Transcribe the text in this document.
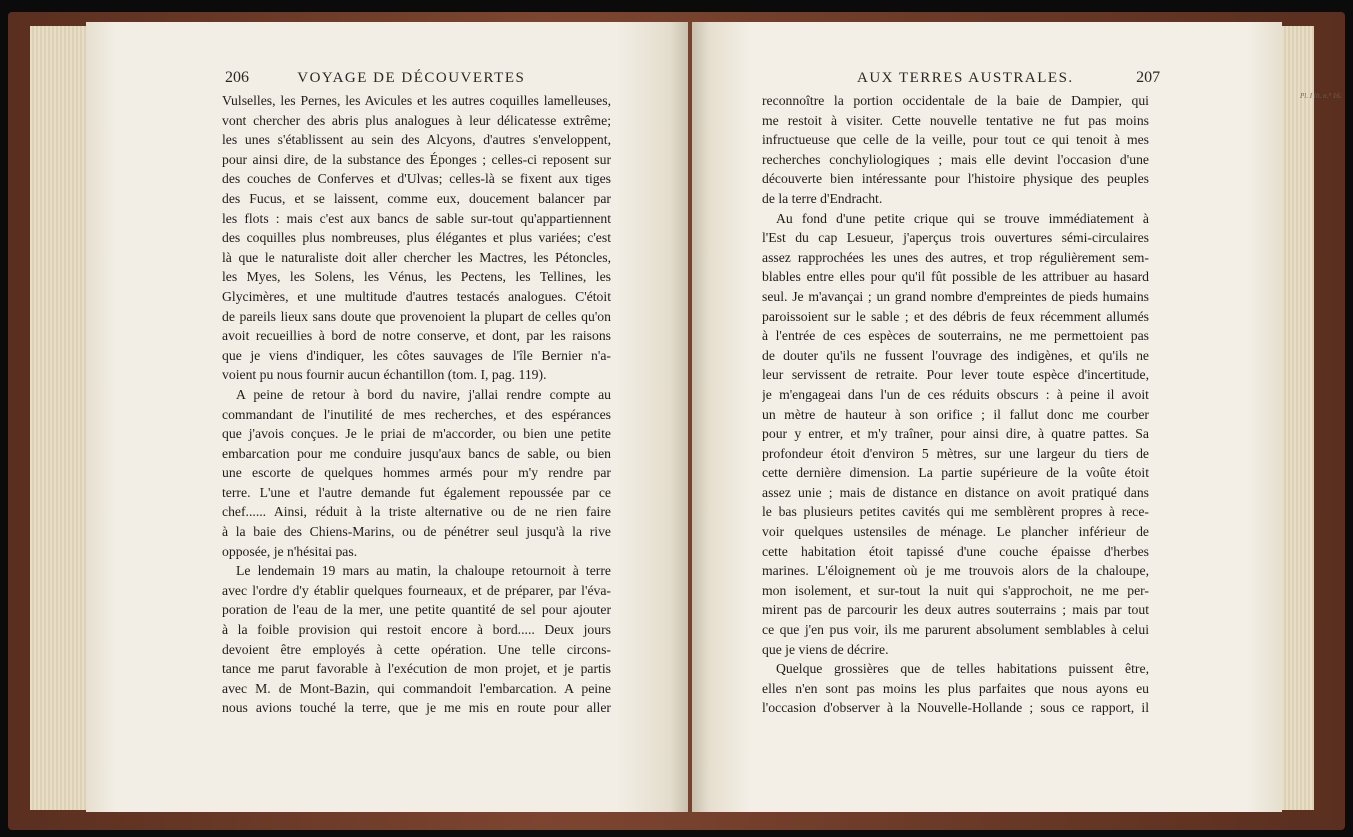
206	VOYAGE DE DÉCOUVERTES	AUX TERRES AUSTRALES.	207
Pl. I lit. n.° 16.
Vulselles, les Pernes, les Avicules et les autres coquilles lamelleuses,
vont chercher des abris plus analogues à leur délicatesse extrême;
les unes s'établissent au sein des Alcyons, d'autres s'enveloppent,
pour ainsi dire, de la substance des Éponges ; celles-ci reposent sur
des couches de Conferves et d'Ulvas; celles-là se fixent aux tiges
des Fucus, et se laissent, comme eux, doucement balancer par
les flots : mais c'est aux bancs de sable sur-tout qu'appartiennent
des coquilles plus nombreuses, plus élégantes et plus variées; c'est
là que le naturaliste doit aller chercher les Mactres, les Pétoncles,
les Myes, les Solens, les Vénus, les Pectens, les Tellines, les
Glycimères, et une multitude d'autres testacés analogues. C'étoit
de pareils lieux sans doute que provenoient la plupart de celles qu'on
avoit recueillies à bord de notre conserve, et dont, par les raisons
que je viens d'indiquer, les côtes sauvages de l'île Bernier n'a-
voient pu nous fournir aucun échantillon (tom. I, pag. 119).
A peine de retour à bord du navire, j'allai rendre compte au
commandant de l'inutilité de mes recherches, et des espérances
que j'avois conçues. Je le priai de m'accorder, ou bien une petite
embarcation pour me conduire jusqu'aux bancs de sable, ou bien
une escorte de quelques hommes armés pour m'y rendre par
terre. L'une et l'autre demande fut également repoussée par ce
chef...... Ainsi, réduit à la triste alternative ou de ne rien faire
à la baie des Chiens-Marins, ou de pénétrer seul jusqu'à la rive
opposée, je n'hésitai pas.
Le lendemain 19 mars au matin, la chaloupe retournoit à terre
avec l'ordre d'y établir quelques fourneaux, et de préparer, par l'éva-
poration de l'eau de la mer, une petite quantité de sel pour ajouter
à la foible provision qui restoit encore à bord..... Deux jours
devoient être employés à cette opération. Une telle circons-
tance me parut favorable à l'exécution de mon projet, et je partis
avec M. de Mont-Bazin, qui commandoit l'embarcation. A peine
nous avions touché la terre, que je me mis en route pour aller
reconnoître la portion occidentale de la baie de Dampier, qui
me restoit à visiter. Cette nouvelle tentative ne fut pas moins
infructueuse que celle de la veille, pour tout ce qui tenoit à mes
recherches conchyliologiques ; mais elle devint l'occasion d'une
découverte bien intéressante pour l'histoire physique des peuples
de la terre d'Endracht.
Au fond d'une petite crique qui se trouve immédiatement à
l'Est du cap Lesueur, j'aperçus trois ouvertures sémi-circulaires
assez rapprochées les unes des autres, et trop régulièrement sem-
blables entre elles pour qu'il fût possible de les attribuer au hasard
seul. Je m'avançai ; un grand nombre d'empreintes de pieds humains
paroissoient sur le sable ; et des débris de feux récemment allumés
à l'entrée de ces espèces de souterrains, ne me permettoient pas
de douter qu'ils ne fussent l'ouvrage des indigènes, et qu'ils ne
leur servissent de retraite. Pour lever toute espèce d'incertitude,
je m'engageai dans l'un de ces réduits obscurs : à peine il avoit
un mètre de hauteur à son orifice ; il fallut donc me courber
pour y entrer, et m'y traîner, pour ainsi dire, à quatre pattes. Sa
profondeur étoit d'environ 5 mètres, sur une largeur du tiers de
cette dernière dimension. La partie supérieure de la voûte étoit
assez unie ; mais de distance en distance on avoit pratiqué dans
le bas plusieurs petites cavités qui me semblèrent propres à rece-
voir quelques ustensiles de ménage. Le plancher inférieur de
cette habitation étoit tapissé d'une couche épaisse d'herbes
marines. L'éloignement où je me trouvois alors de la chaloupe,
mon isolement, et sur-tout la nuit qui s'approchoit, ne me per-
mirent pas de parcourir les deux autres souterrains ; mais par tout
ce que j'en pus voir, ils me parurent absolument semblables à celui
que je viens de décrire.
Quelque grossières que de telles habitations puissent être,
elles n'en sont pas moins les plus parfaites que nous ayons eu
l'occasion d'observer à la Nouvelle-Hollande ; sous ce rapport, il
